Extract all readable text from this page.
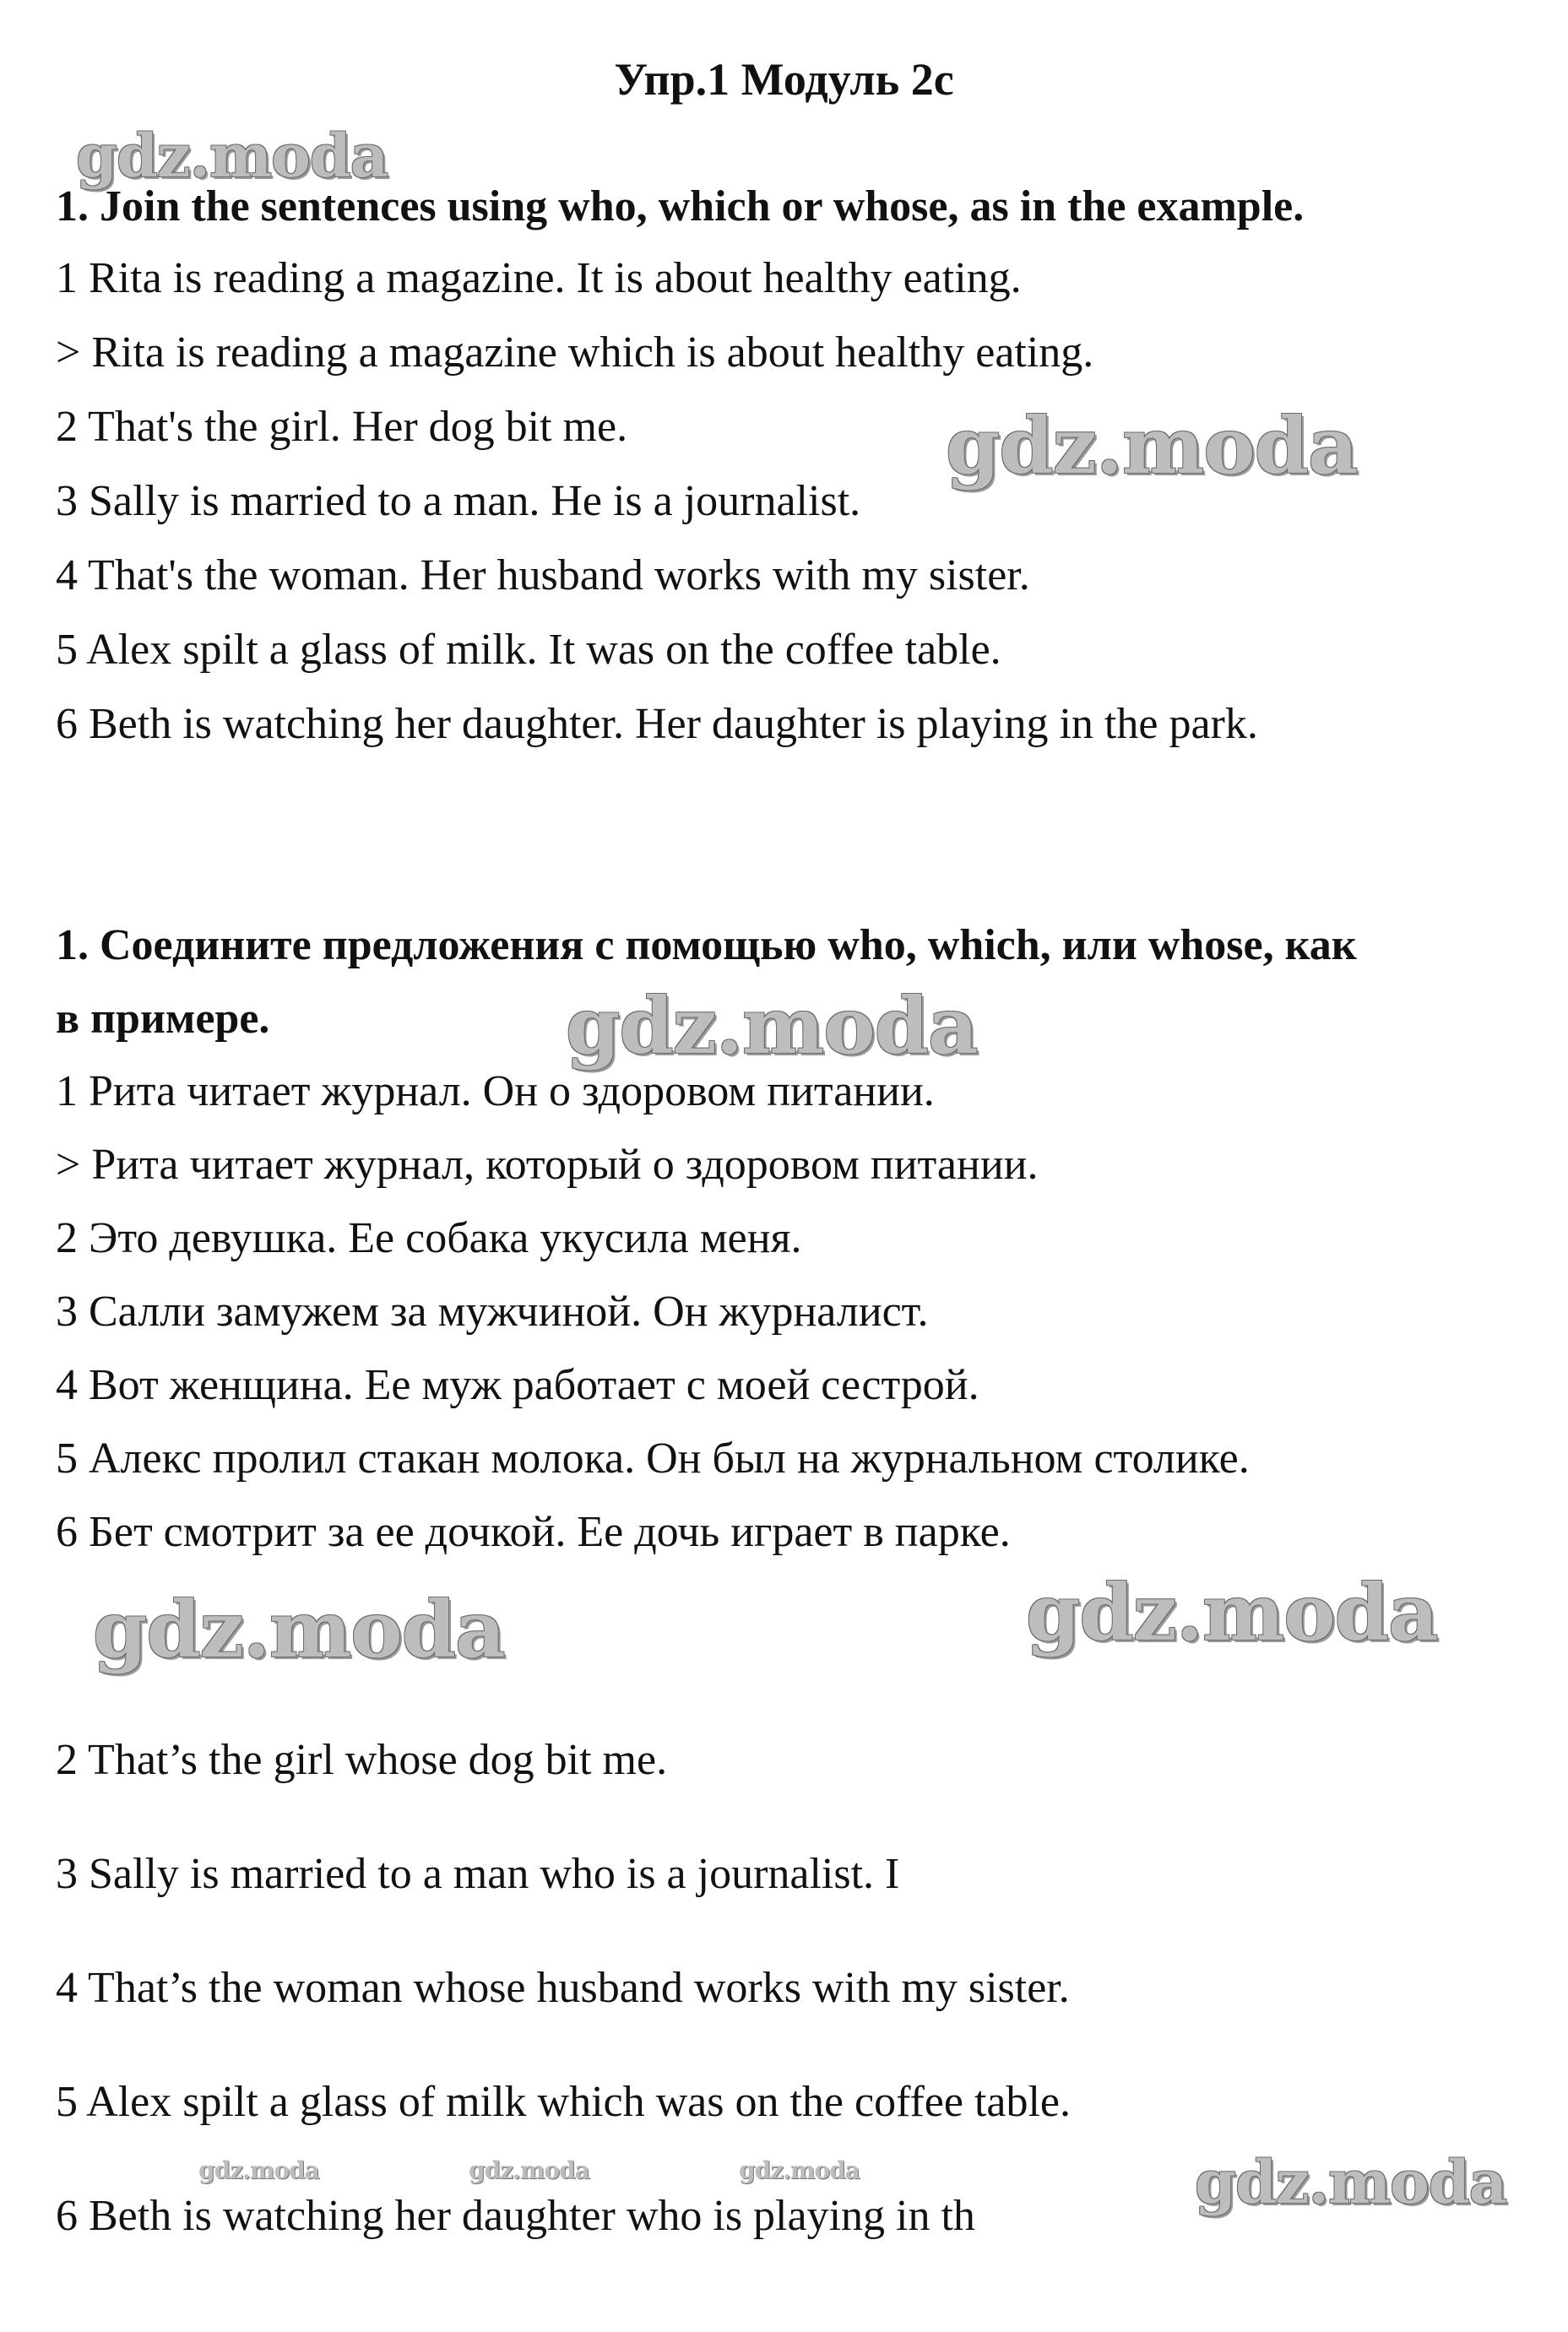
Упр.1 Модуль 2с
1. Join the sentences using who, which or whose, as in the example.
1 Rita is reading a magazine. It is about healthy eating.
> Rita is reading a magazine which is about healthy eating.
2 That's the girl. Her dog bit me.
3 Sally is married to a man. He is a journalist.
4 That's the woman. Her husband works with my sister.
5 Alex spilt a glass of milk. It was on the coffee table.
6 Beth is watching her daughter. Her daughter is playing in the park.
1. Соедините предложения с помощью who, which, или whose, как
в примере.
1 Рита читает журнал. Он о здоровом питании.
> Рита читает журнал, который о здоровом питании.
2 Это девушка. Ее собака укусила меня.
3 Салли замужем за мужчиной. Он журналист.
4 Вот женщина. Ее муж работает с моей сестрой.
5 Алекс пролил стакан молока. Он был на журнальном столике.
6 Бет смотрит за ее дочкой. Ее дочь играет в парке.
2 That’s the girl whose dog bit me.
3 Sally is married to a man who is a journalist. I
4 That’s the woman whose husband works with my sister.
5 Alex spilt a glass of milk which was on the coffee table.
6 Beth is watching her daughter who is playing in th
gdz.moda
gdz.moda
gdz.moda
gdz.moda	gdz.moda
gdz.moda	gdz.moda	gdz.moda	gdz.moda
